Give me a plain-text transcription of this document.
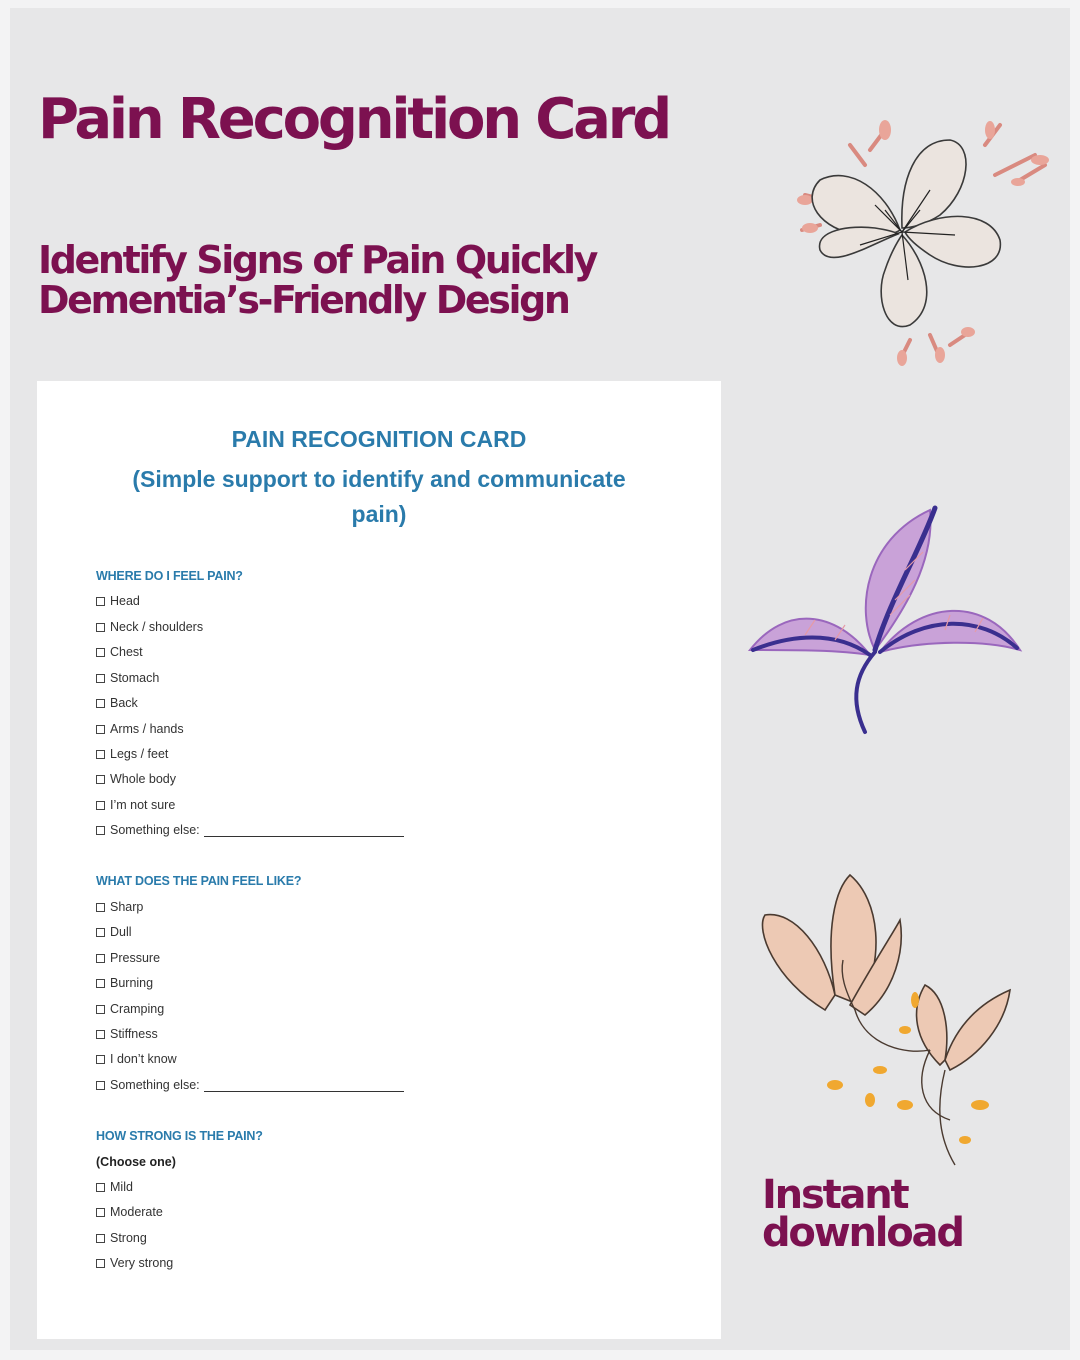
Pain Recognition Card
Identify Signs of Pain Quickly
Dementia’s-Friendly Design
PAIN RECOGNITION CARD
(Simple support to identify and communicate
pain)
WHERE DO I FEEL PAIN?
Head
Neck / shoulders
Chest
Stomach
Back
Arms / hands
Legs / feet
Whole body
I’m not sure
Something else:
WHAT DOES THE PAIN FEEL LIKE?
Sharp
Dull
Pressure
Burning
Cramping
Stiffness
I don’t know
Something else:
HOW STRONG IS THE PAIN?
(Choose one)
Mild
Moderate
Strong
Very strong
Instant
download
